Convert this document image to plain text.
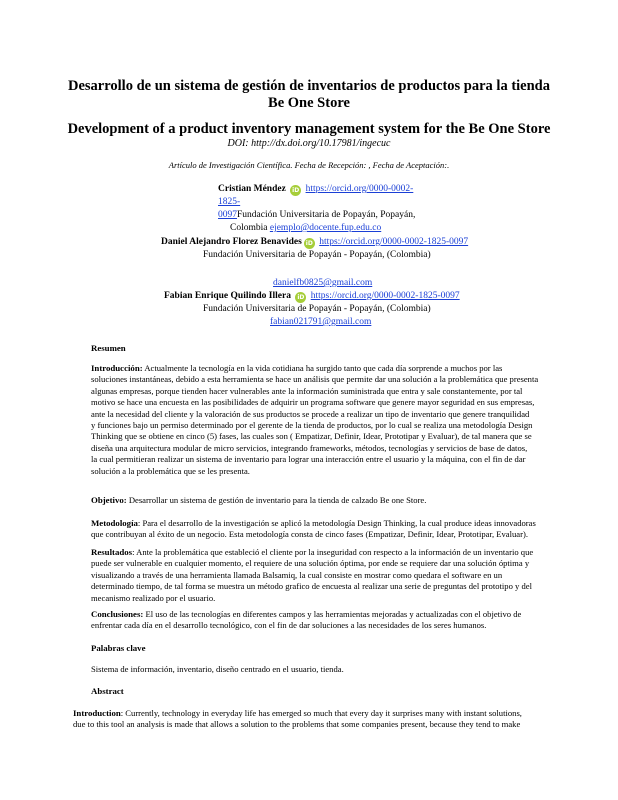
Desarrollo de un sistema de gestión de inventarios de productos para la tienda
Be One Store
Development of a product inventory management system for the Be One Store
DOI: http://dx.doi.org/10.17981/ingecuc
Artículo de Investigación Científica. Fecha de Recepción: , Fecha de Aceptación:.
Cristian Méndez iD https://orcid.org/0000-0002-1825-
0097Fundación Universitaria de Popayán, Popayán,
Colombia ejemplo@docente.fup.edu.co
Daniel Alejandro Florez Benavides iD https://orcid.org/0000-0002-1825-0097
Fundación Universitaria de Popayán - Popayán, (Colombia)
danielfb0825@gmail.com
Fabian Enrique Quilindo Illera iD https://orcid.org/0000-0002-1825-0097
Fundación Universitaria de Popayán - Popayán, (Colombia)
fabian021791@gmail.com
Resumen
Introducción: Actualmente la tecnología en la vida cotidiana ha surgido tanto que cada día sorprende a muchos por las
soluciones instantáneas, debido a esta herramienta se hace un análisis que permite dar una solución a la problemática que presenta
algunas empresas, porque tienden hacer vulnerables ante la información suministrada que entra y sale constantemente, por tal
motivo se hace una encuesta en las posibilidades de adquirir un programa software que genere mayor seguridad en sus empresas,
ante la necesidad del cliente y la valoración de sus productos se procede a realizar un tipo de inventario que genere tranquilidad
y funciones bajo un permiso determinado por el gerente de la tienda de productos, por lo cual se realiza una metodología Design
Thinking que se obtiene en cinco (5) fases, las cuales son ( Empatizar, Definir, Idear, Prototipar y Evaluar), de tal manera que se
diseña una arquitectura modular de micro servicios, integrando frameworks, métodos, tecnologías y servicios de base de datos,
la cual permitieran realizar un sistema de inventario para lograr una interacción entre el usuario y la máquina, con el fin de dar
solución a la problemática que se les presenta.
Objetivo: Desarrollar un sistema de gestión de inventario para la tienda de calzado Be one Store.
Metodología: Para el desarrollo de la investigación se aplicó la metodología Design Thinking, la cual produce ideas innovadoras
que contribuyan al éxito de un negocio. Esta metodología consta de cinco fases (Empatizar, Definir, Idear, Prototipar, Evaluar).
Resultados: Ante la problemática que estableció el cliente por la inseguridad con respecto a la información de un inventario que
puede ser vulnerable en cualquier momento, el requiere de una solución óptima, por ende se requiere dar una solución óptima y
visualizando a través de una herramienta llamada Balsamiq, la cual consiste en mostrar como quedara el software en un
determinado tiempo, de tal forma se muestra un método grafico de encuesta al realizar una serie de preguntas del prototipo y del
mecanismo realizado por el usuario.
Conclusiones: El uso de las tecnologías en diferentes campos y las herramientas mejoradas y actualizadas con el objetivo de
enfrentar cada día en el desarrollo tecnológico, con el fin de dar soluciones a las necesidades de los seres humanos.
Palabras clave
Sistema de información, inventario, diseño centrado en el usuario, tienda.
Abstract
Introduction: Currently, technology in everyday life has emerged so much that every day it surprises many with instant solutions,
due to this tool an analysis is made that allows a solution to the problems that some companies present, because they tend to make
